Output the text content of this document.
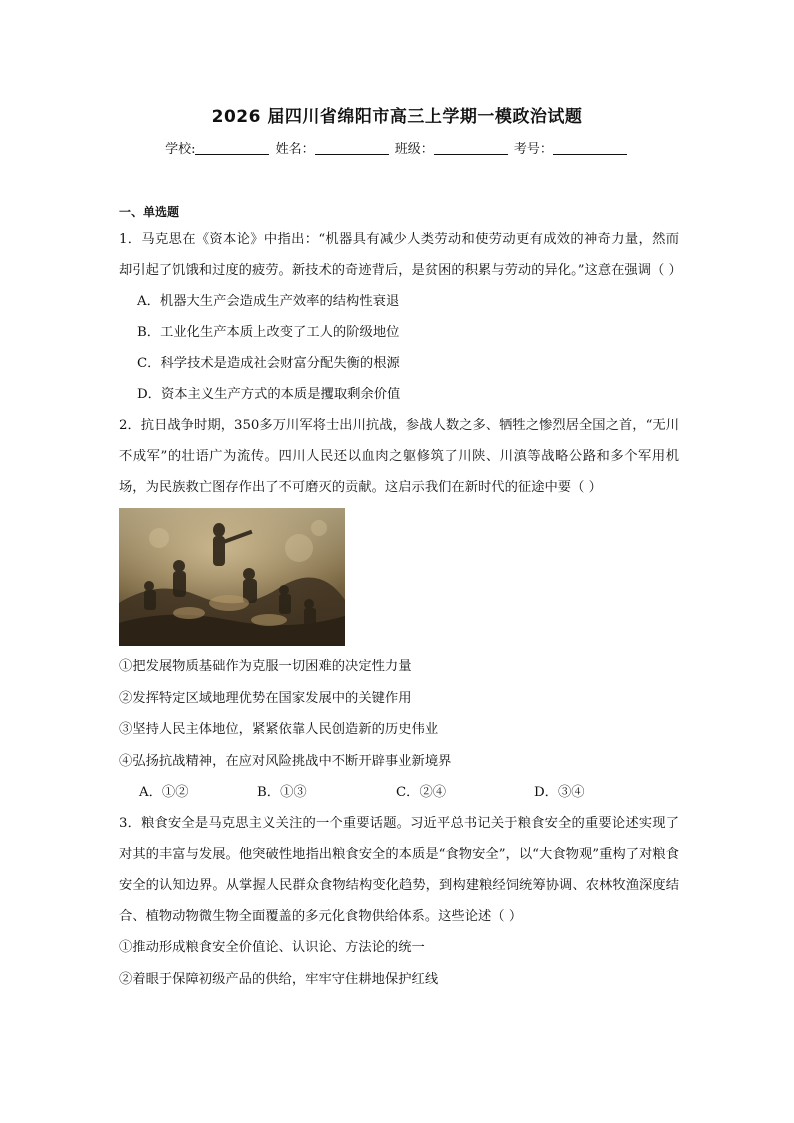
2026 届四川省绵阳市高三上学期一模政治试题
学校:	姓名：	班级：	考号：
一、单选题

1．马克思在《资本论》中指出：“机器具有减少人类劳动和使劳动更有成效的神奇力量，然而却引起了饥饿和过度的疲劳。新技术的奇迹背后，是贫困的积累与劳动的异化。”这意在强调（ ）

A．机器大生产会造成生产效率的结构性衰退

B．工业化生产本质上改变了工人的阶级地位

C．科学技术是造成社会财富分配失衡的根源

D．资本主义生产方式的本质是攫取剩余价值

2．抗日战争时期，350多万川军将士出川抗战，参战人数之多、牺牲之惨烈居全国之首，“无川不成军”的壮语广为流传。四川人民还以血肉之躯修筑了川陕、川滇等战略公路和多个军用机场，为民族救亡图存作出了不可磨灭的贡献。这启示我们在新时代的征途中要（ ）

①把发展物质基础作为克服一切困难的决定性力量

②发挥特定区域地理优势在国家发展中的关键作用

③坚持人民主体地位，紧紧依靠人民创造新的历史伟业

④弘扬抗战精神，在应对风险挑战中不断开辟事业新境界

A．①②	B．①③	C．②④	D．③④

3．粮食安全是马克思主义关注的一个重要话题。习近平总书记关于粮食安全的重要论述实现了对其的丰富与发展。他突破性地指出粮食安全的本质是“食物安全”，以“大食物观”重构了对粮食安全的认知边界。从掌握人民群众食物结构变化趋势，到构建粮经饲统筹协调、农林牧渔深度结合、植物动物微生物全面覆盖的多元化食物供给体系。这些论述（ ）

①推动形成粮食安全价值论、认识论、方法论的统一

②着眼于保障初级产品的供给，牢牢守住耕地保护红线
